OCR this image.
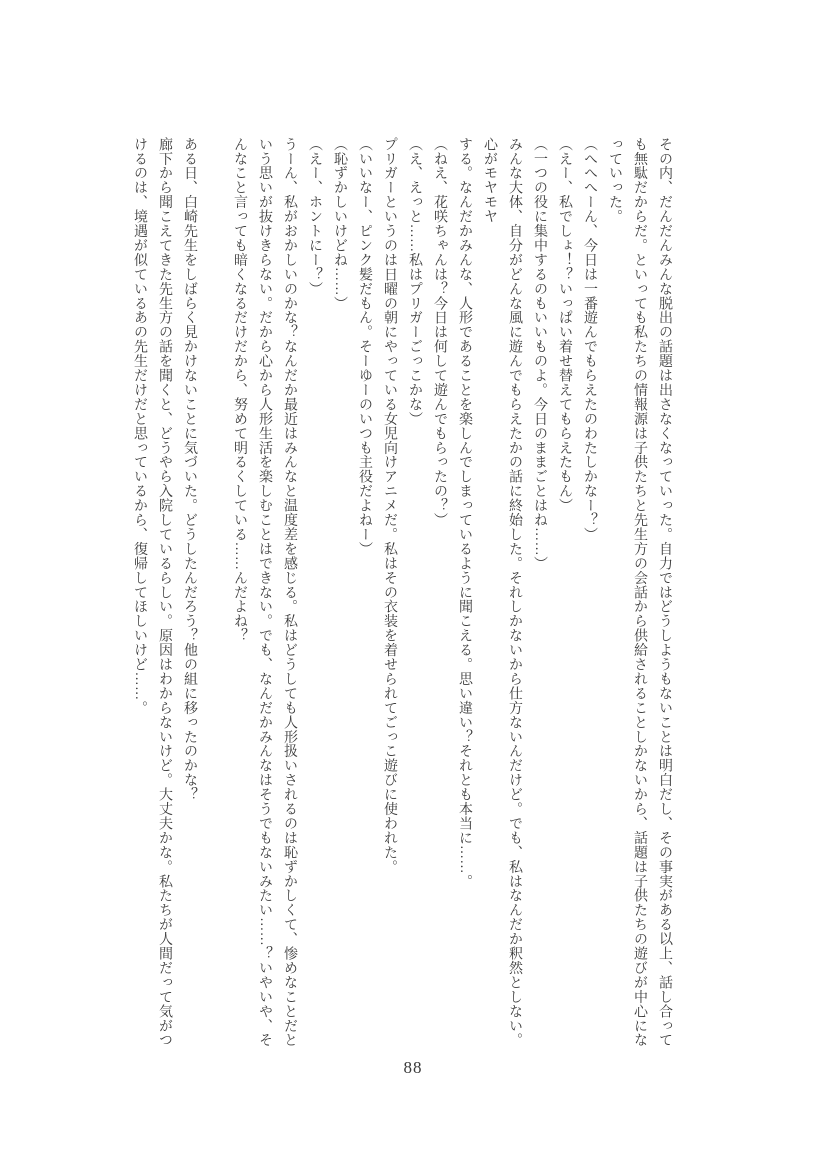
その内、だんだんみんな脱出の話題は出さなくなっていった。自力ではどうしようもないことは明白だし、その事実がある以上、話し合って

も無駄だからだ。といっても私たちの情報源は子供たちと先生方の会話から供給されることしかないから、話題は子供たちの遊びが中心にな

っていった。

（へへへーん、今日は一番遊んでもらえたのわたしかなー？）

（えー、私でしょ！？いっぱい着せ替えてもらえたもん）

（一つの役に集中するのもいいものよ。今日のままごとはね……）

みんな大体、自分がどんな風に遊んでもらえたかの話に終始した。それしかないから仕方ないんだけど。でも、私はなんだか釈然としない。

心がモヤモヤ

する。なんだかみんな、人形であることを楽しんでしまっているように聞こえる。思い違い？それとも本当に……。

（ねえ、花咲ちゃんは？今日は何して遊んでもらったの？）

（え、えっと……私はプリガーごっこかな）

プリガーというのは日曜の朝にやっている女児向けアニメだ。私はその衣装を着せられてごっこ遊びに使われた。

（いいなー、ピンク髪だもん。そーゆーのいつも主役だよねー）

（恥ずかしいけどね……）

（えー、ホントにー？）

うーん、私がおかしいのかな？なんだか最近はみんなと温度差を感じる。私はどうしても人形扱いされるのは恥ずかしくて、惨めなことだと

いう思いが抜けきらない。だから心から人形生活を楽しむことはできない。でも、なんだかみんなはそうでもないみたい……？いやいや、そ

んなこと言っても暗くなるだけだから、努めて明るくしている……んだよね？

ある日、白崎先生をしばらく見かけないことに気づいた。どうしたんだろう？他の組に移ったのかな？

廊下から聞こえてきた先生方の話を聞くと、どうやら入院しているらしい。原因はわからないけど。大丈夫かな。私たちが人間だって気がつ

けるのは、境遇が似ているあの先生だけだと思っているから、復帰してほしいけど……。

88
